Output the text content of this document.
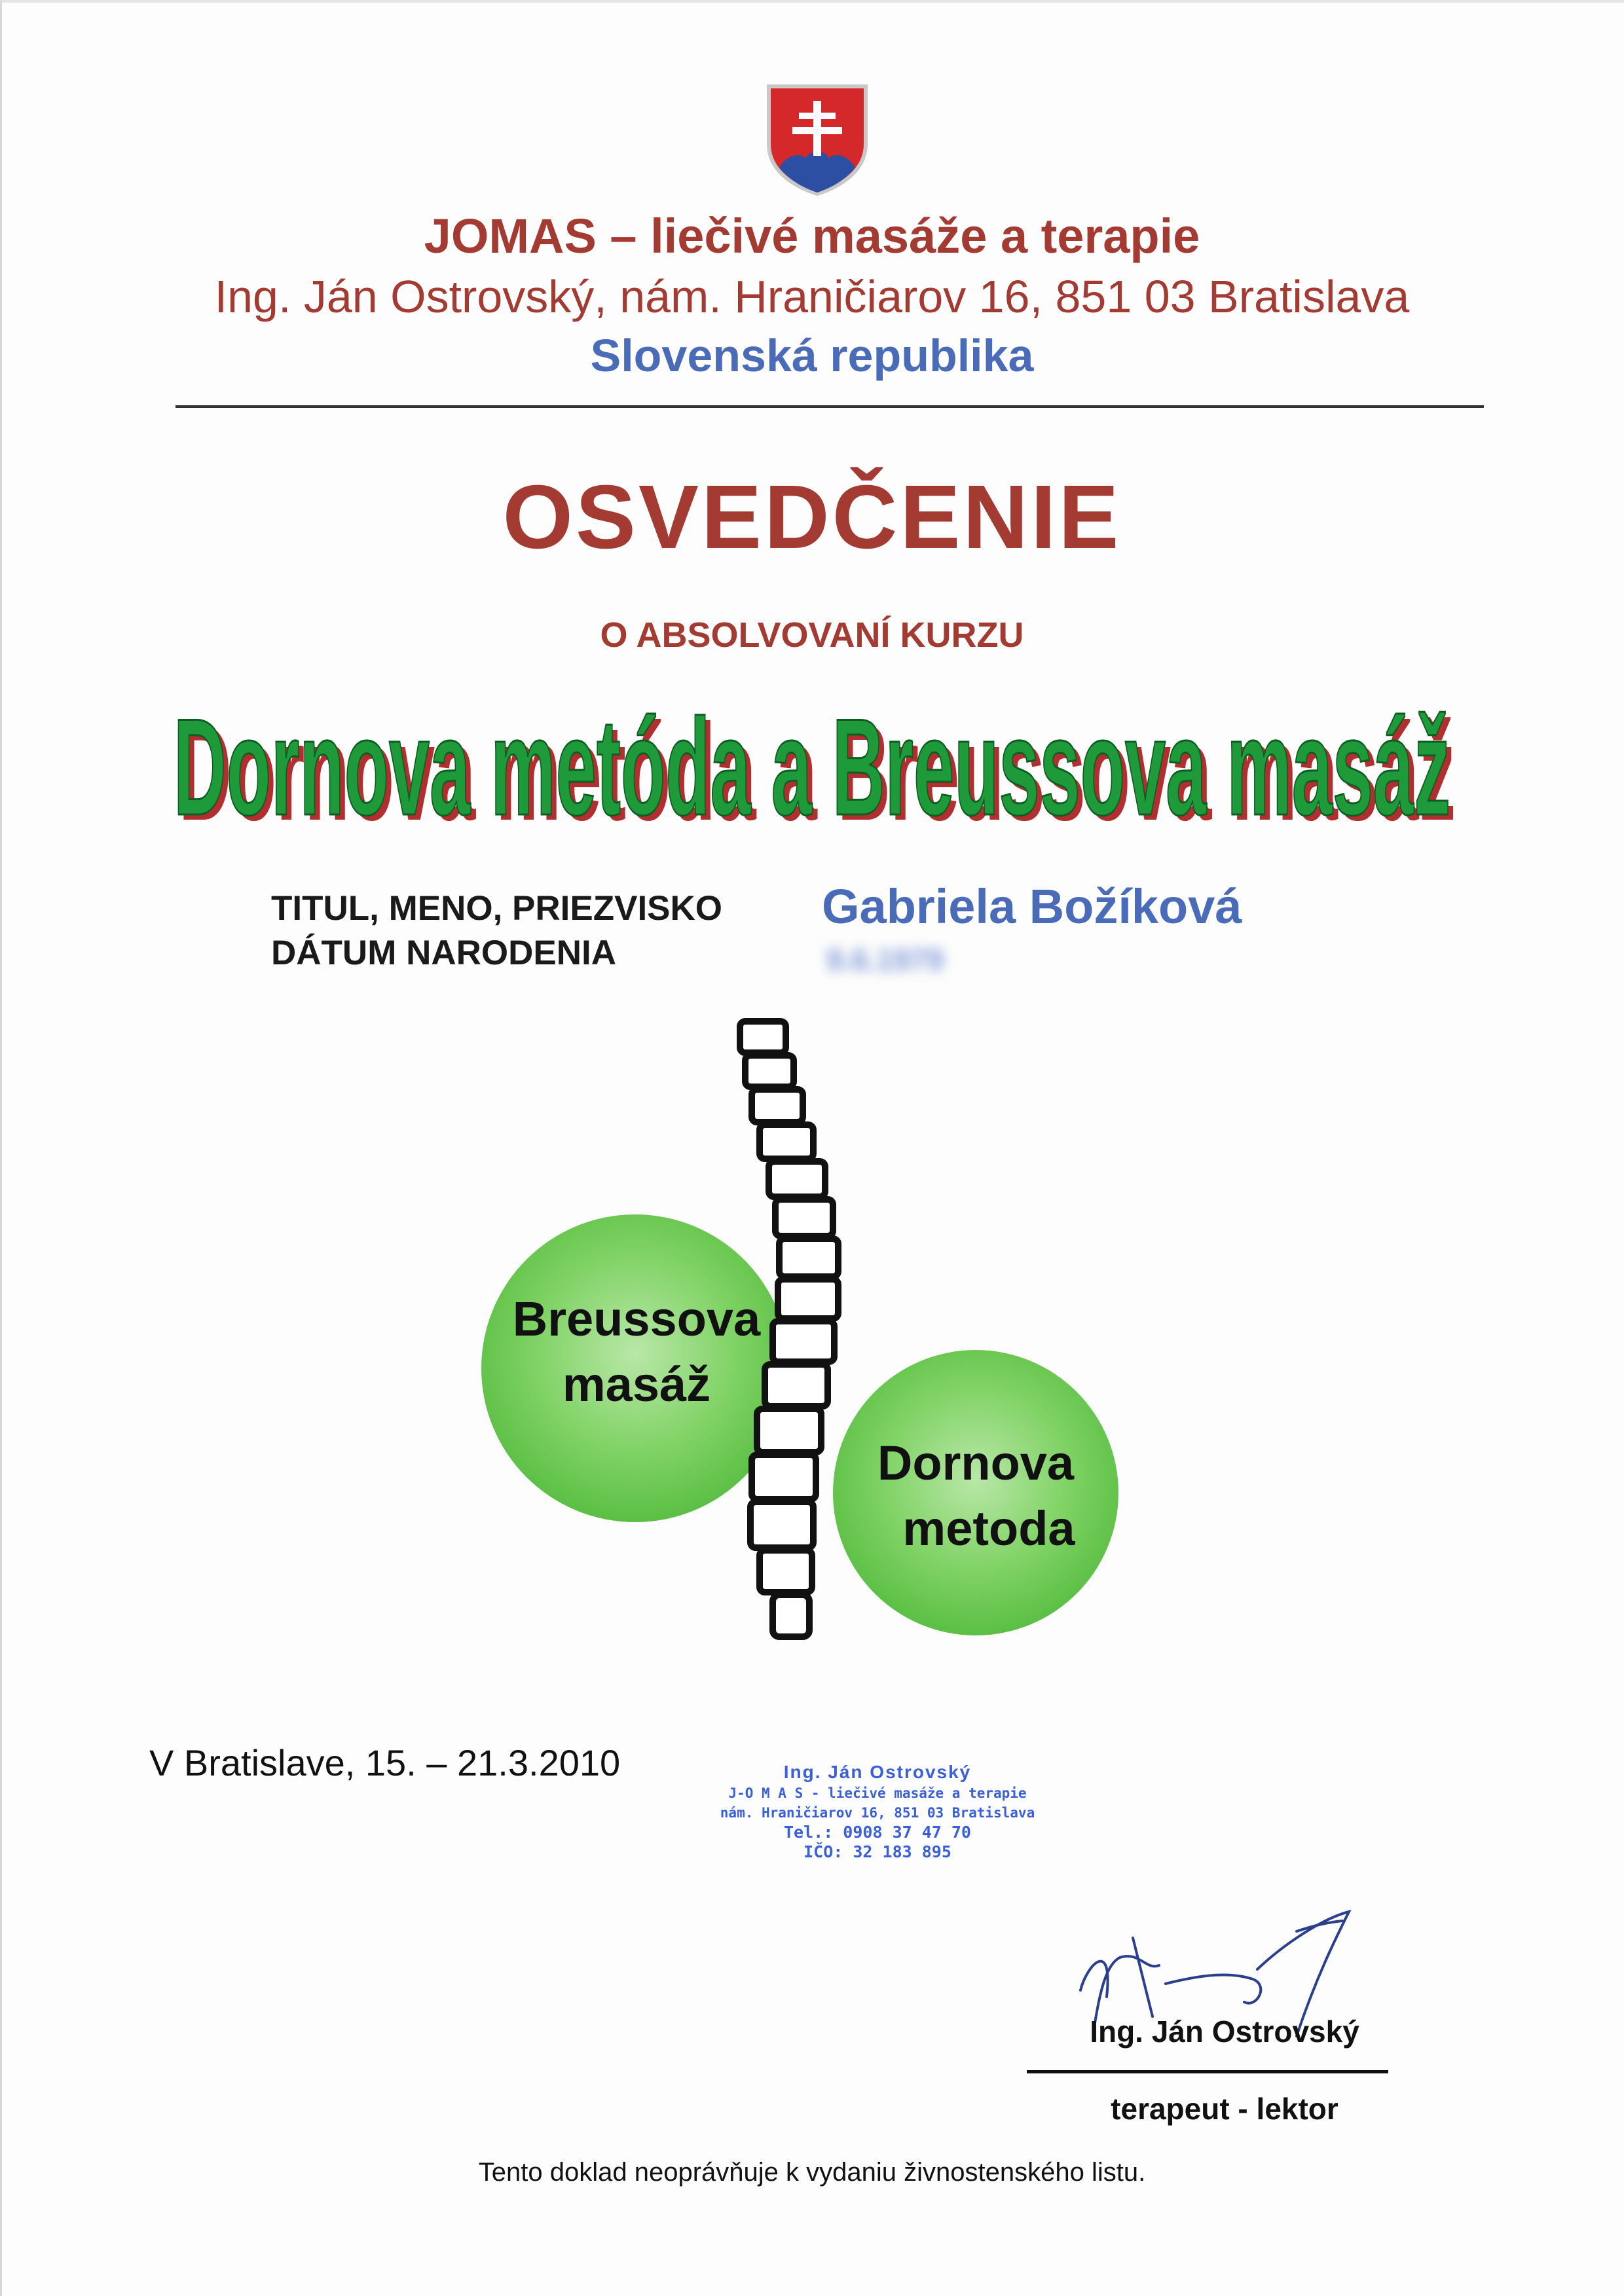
JOMAS – liečivé masáže a terapie
Ing. Ján Ostrovský, nám. Hraničiarov 16, 851 03 Bratislava
Slovenská republika
OSVEDČENIE
O ABSOLVOVANÍ KURZU
Dornova metóda a Breussova masáž
Dornova metóda a Breussova masáž
TITUL, MENO, PRIEZVISKO
DÁTUM NARODENIA
Gabriela Božíková
9.6.1979
Breussova
masáž
Dornova
metoda
V Bratislave, 15. – 21.3.2010	Ing. Ján Ostrovský
J-O M A S - liečivé masáže a terapie
nám. Hraničiarov 16, 851 03 Bratislava
Tel.: 0908 37 47 70
IČO: 32 183 895
Ing. Ján Ostrovský
terapeut - lektor
Tento doklad neoprávňuje k vydaniu živnostenského listu.
